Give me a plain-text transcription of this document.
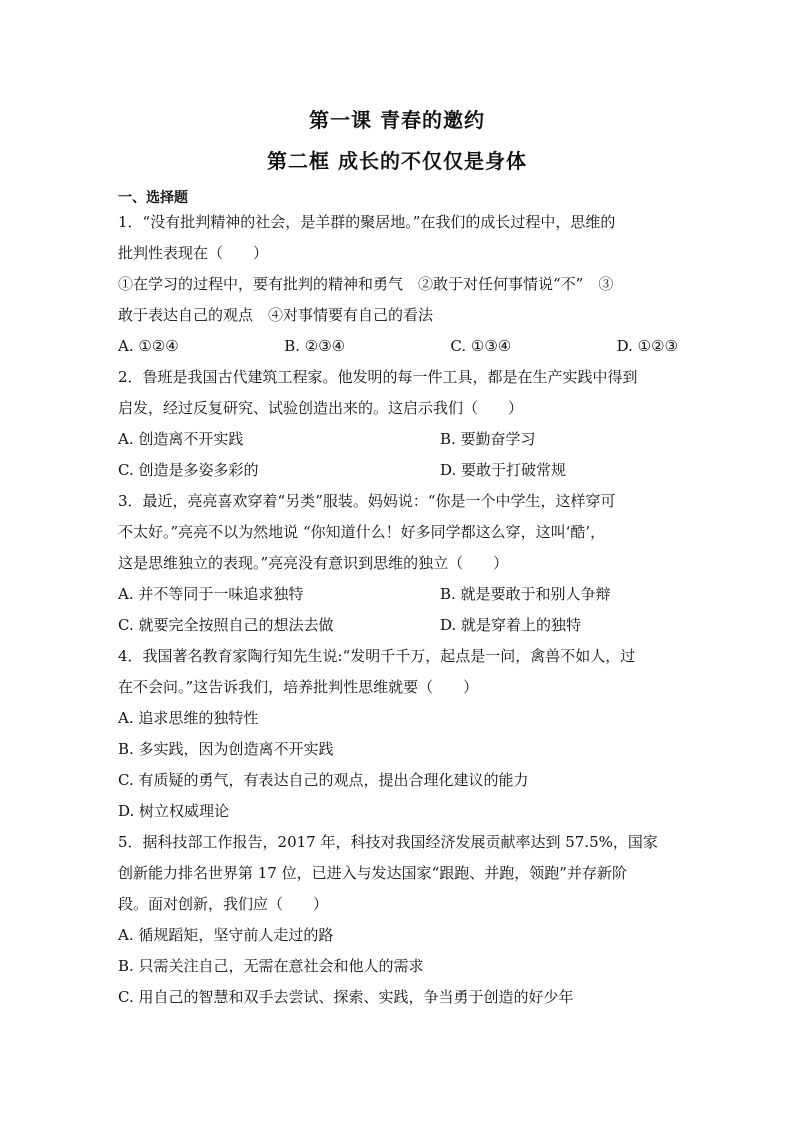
第一课 青春的邀约
第二框 成长的不仅仅是身体
一、选择题
1．“没有批判精神的社会，是羊群的聚居地。”在我们的成长过程中，思维的
批判性表现在（　　）
①在学习的过程中，要有批判的精神和勇气　②敢于对任何事情说“不”　③
敢于表达自己的观点　④对事情要有自己的看法
A. ①②④	B. ②③④	C. ①③④	D. ①②③
2．鲁班是我国古代建筑工程家。他发明的每一件工具，都是在生产实践中得到
启发，经过反复研究、试验创造出来的。这启示我们（　　）
A. 创造离不开实践	B. 要勤奋学习
C. 创造是多姿多彩的	D. 要敢于打破常规
3．最近，亮亮喜欢穿着“另类”服装。妈妈说：“你是一个中学生，这样穿可
不太好。”亮亮不以为然地说 “你知道什么！好多同学都这么穿，这叫‘酷’，
这是思维独立的表现。”亮亮没有意识到思维的独立（　　）
A. 并不等同于一味追求独特	B. 就是要敢于和别人争辩
C. 就要完全按照自己的想法去做	D. 就是穿着上的独特
4．我国著名教育家陶行知先生说:“发明千千万，起点是一问，禽兽不如人，过
在不会问。”这告诉我们，培养批判性思维就要（　　）
A. 追求思维的独特性
B. 多实践，因为创造离不开实践
C. 有质疑的勇气，有表达自己的观点，提出合理化建议的能力
D. 树立权威理论
5．据科技部工作报告，2017 年，科技对我国经济发展贡献率达到 57.5%，国家
创新能力排名世界第 17 位，已进入与发达国家“跟跑、并跑，领跑”并存新阶
段。面对创新，我们应（　　）
A. 循规蹈矩，坚守前人走过的路
B. 只需关注自己，无需在意社会和他人的需求
C. 用自己的智慧和双手去尝试、探索、实践，争当勇于创造的好少年
